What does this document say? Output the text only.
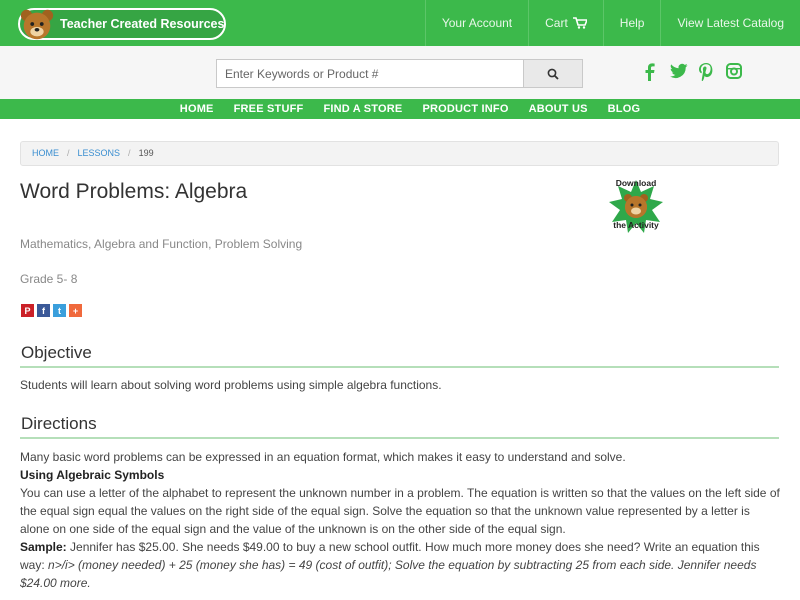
Teacher Created Resources	Your Account	Cart	Help	View Latest Catalog
Enter Keywords or Product #
HOME	FREE STUFF	FIND A STORE	PRODUCT INFO	ABOUT US	BLOG
HOME / LESSONS / 199
Word Problems: Algebra	Download
the Activity
Mathematics, Algebra and Function, Problem Solving
Grade 5- 8
P	f	t	+
Objective
Students will learn about solving word problems using simple algebra functions.
Directions
Many basic word problems can be expressed in an equation format, which makes it easy to understand and solve.
Using Algebraic Symbols
You can use a letter of the alphabet to represent the unknown number in a problem. The equation is written so that the values on the left side of the equal sign equal the values on the right side of the equal sign. Solve the equation so that the unknown value represented by a letter is alone on one side of the equal sign and the value of the unknown is on the other side of the equal sign.
Sample: Jennifer has $25.00. She needs $49.00 to buy a new school outfit. How much more money does she need? Write an equation this way: n>/i> (money needed) + 25 (money she has) = 49 (cost of outfit); Solve the equation by subtracting 25 from each side. Jennifer needs $24.00 more.
